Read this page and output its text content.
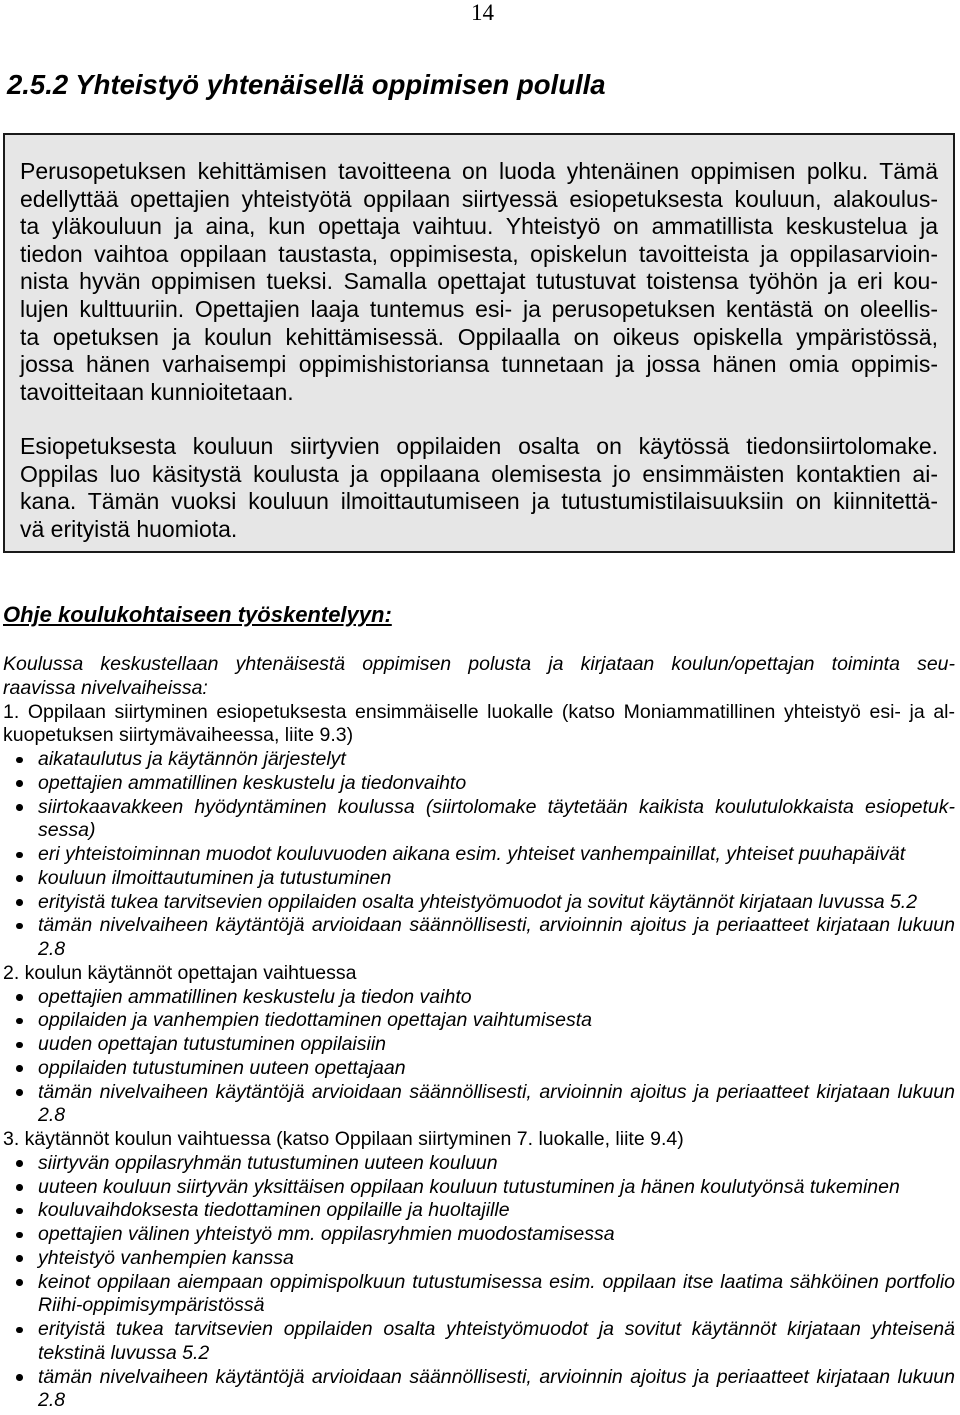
14
2.5.2 Yhteistyö yhtenäisellä oppimisen polulla
Perusopetuksen kehittämisen tavoitteena on luoda yhtenäinen oppimisen polku. Tämä
edellyttää opettajien yhteistyötä oppilaan siirtyessä esiopetuksesta kouluun, alakoulus-
ta yläkouluun ja aina, kun opettaja vaihtuu. Yhteistyö on ammatillista keskustelua ja
tiedon vaihtoa oppilaan taustasta, oppimisesta, opiskelun tavoitteista ja oppilasarvioin-
nista hyvän oppimisen tueksi. Samalla opettajat tutustuvat toistensa työhön ja eri kou-
lujen kulttuuriin. Opettajien laaja tuntemus esi- ja perusopetuksen kentästä on oleellis-
ta opetuksen ja koulun kehittämisessä. Oppilaalla on oikeus opiskella ympäristössä,
jossa hänen varhaisempi oppimishistoriansa tunnetaan ja jossa hänen omia oppimis-
tavoitteitaan kunnioitetaan.
Esiopetuksesta kouluun siirtyvien oppilaiden osalta on käytössä tiedonsiirtolomake.
Oppilas luo käsitystä koulusta ja oppilaana olemisesta jo ensimmäisten kontaktien ai-
kana. Tämän vuoksi kouluun ilmoittautumiseen ja tutustumistilaisuuksiin on kiinnitettä-
vä erityistä huomiota.
Ohje koulukohtaiseen työskentelyyn:
Koulussa keskustellaan yhtenäisestä oppimisen polusta ja kirjataan koulun/opettajan toiminta seu-
raavissa nivelvaiheissa:
1. Oppilaan siirtyminen esiopetuksesta ensimmäiselle luokalle (katso Moniammatillinen yhteistyö esi- ja al-
kuopetuksen siirtymävaiheessa, liite 9.3)
aikataulutus ja käytännön järjestelyt
opettajien ammatillinen keskustelu ja tiedonvaihto
siirtokaavakkeen hyödyntäminen koulussa (siirtolomake täytetään kaikista koulutulokkaista esiopetuk-
sessa)
eri yhteistoiminnan muodot kouluvuoden aikana esim. yhteiset vanhempainillat, yhteiset puuhapäivät
kouluun ilmoittautuminen ja tutustuminen
erityistä tukea tarvitsevien oppilaiden osalta yhteistyömuodot ja sovitut käytännöt kirjataan luvussa 5.2
tämän nivelvaiheen käytäntöjä arvioidaan säännöllisesti, arvioinnin ajoitus ja periaatteet kirjataan lukuun
2.8
2. koulun käytännöt opettajan vaihtuessa
opettajien ammatillinen keskustelu ja tiedon vaihto
oppilaiden ja vanhempien tiedottaminen opettajan vaihtumisesta
uuden opettajan tutustuminen oppilaisiin
oppilaiden tutustuminen uuteen opettajaan
tämän nivelvaiheen käytäntöjä arvioidaan säännöllisesti, arvioinnin ajoitus ja periaatteet kirjataan lukuun
2.8
3. käytännöt koulun vaihtuessa (katso Oppilaan siirtyminen 7. luokalle, liite 9.4)
siirtyvän oppilasryhmän tutustuminen uuteen kouluun
uuteen kouluun siirtyvän yksittäisen oppilaan kouluun tutustuminen ja hänen koulutyönsä tukeminen
kouluvaihdoksesta tiedottaminen oppilaille ja huoltajille
opettajien välinen yhteistyö mm. oppilasryhmien muodostamisessa
yhteistyö vanhempien kanssa
keinot oppilaan aiempaan oppimispolkuun tutustumisessa esim. oppilaan itse laatima sähköinen portfolio
Riihi-oppimisympäristössä
erityistä tukea tarvitsevien oppilaiden osalta yhteistyömuodot ja sovitut käytännöt kirjataan yhteisenä
tekstinä luvussa 5.2
tämän nivelvaiheen käytäntöjä arvioidaan säännöllisesti, arvioinnin ajoitus ja periaatteet kirjataan lukuun
2.8
